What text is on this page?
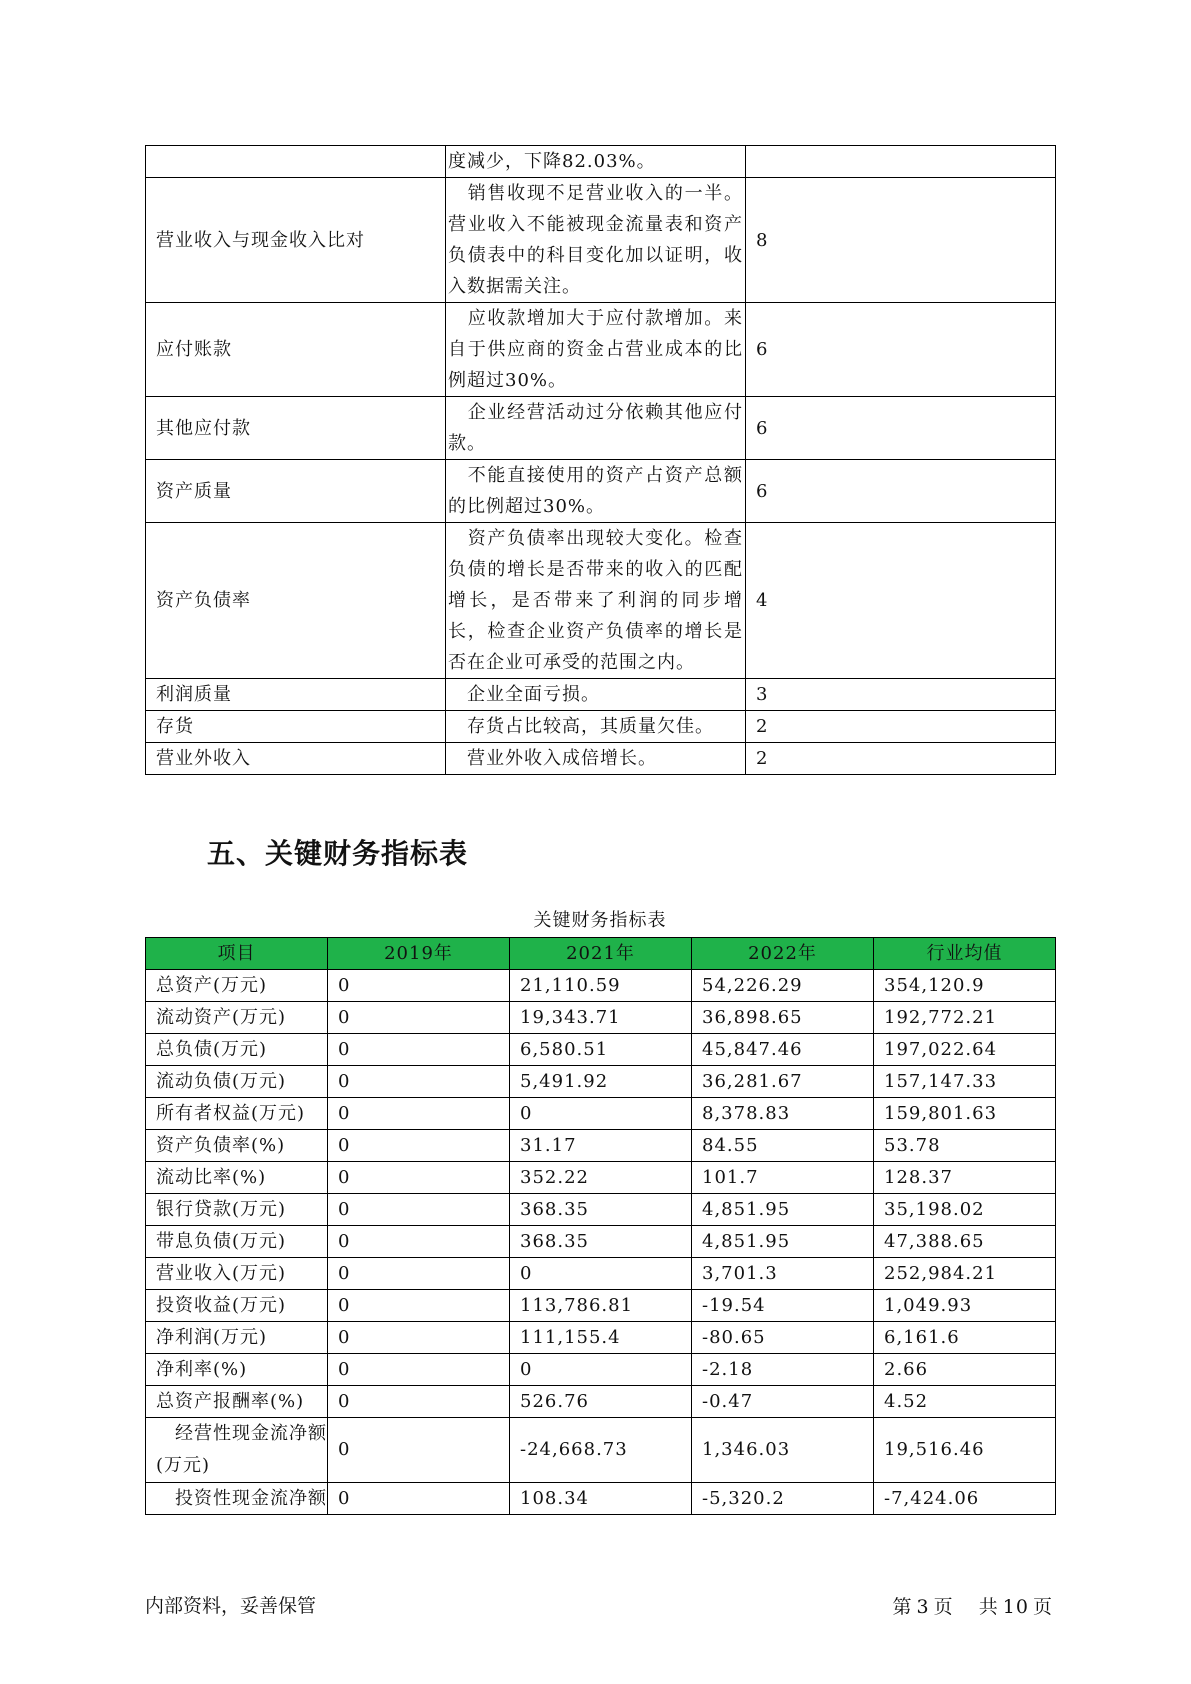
	度减少，下降82.03%。	
营业收入与现金收入比对	　销售收现不足营业收入的一半。营业收入不能被现金流量表和资产负债表中的科目变化加以证明，收入数据需关注。	8
应付账款	　应收款增加大于应付款增加。来自于供应商的资金占营业成本的比例超过30%。	6
其他应付款	　企业经营活动过分依赖其他应付款。	6
资产质量	　不能直接使用的资产占资产总额的比例超过30%。	6
资产负债率	　资产负债率出现较大变化。检查负债的增长是否带来的收入的匹配增长，是否带来了利润的同步增长，检查企业资产负债率的增长是否在企业可承受的范围之内。	4
利润质量	　企业全面亏损。	3
存货	　存货占比较高，其质量欠佳。	2
营业外收入	　营业外收入成倍增长。	2
五、关键财务指标表
关键财务指标表
项目	2019年	2021年	2022年	行业均值
总资产(万元)	0	21,110.59	54,226.29	354,120.9
流动资产(万元)	0	19,343.71	36,898.65	192,772.21
总负债(万元)	0	6,580.51	45,847.46	197,022.64
流动负债(万元)	0	5,491.92	36,281.67	157,147.33
所有者权益(万元)	0	0	8,378.83	159,801.63
资产负债率(%)	0	31.17	84.55	53.78
流动比率(%)	0	352.22	101.7	128.37
银行贷款(万元)	0	368.35	4,851.95	35,198.02
带息负债(万元)	0	368.35	4,851.95	47,388.65
营业收入(万元)	0	0	3,701.3	252,984.21
投资收益(万元)	0	113,786.81	-19.54	1,049.93
净利润(万元)	0	111,155.4	-80.65	6,161.6
净利率(%)	0	0	-2.18	2.66
总资产报酬率(%)	0	526.76	-0.47	4.52
　经营性现金流净额(万元)	0	-24,668.73	1,346.03	19,516.46
　投资性现金流净额	0	108.34	-5,320.2	-7,424.06
内部资料，妥善保管	第 3 页 共 10 页
